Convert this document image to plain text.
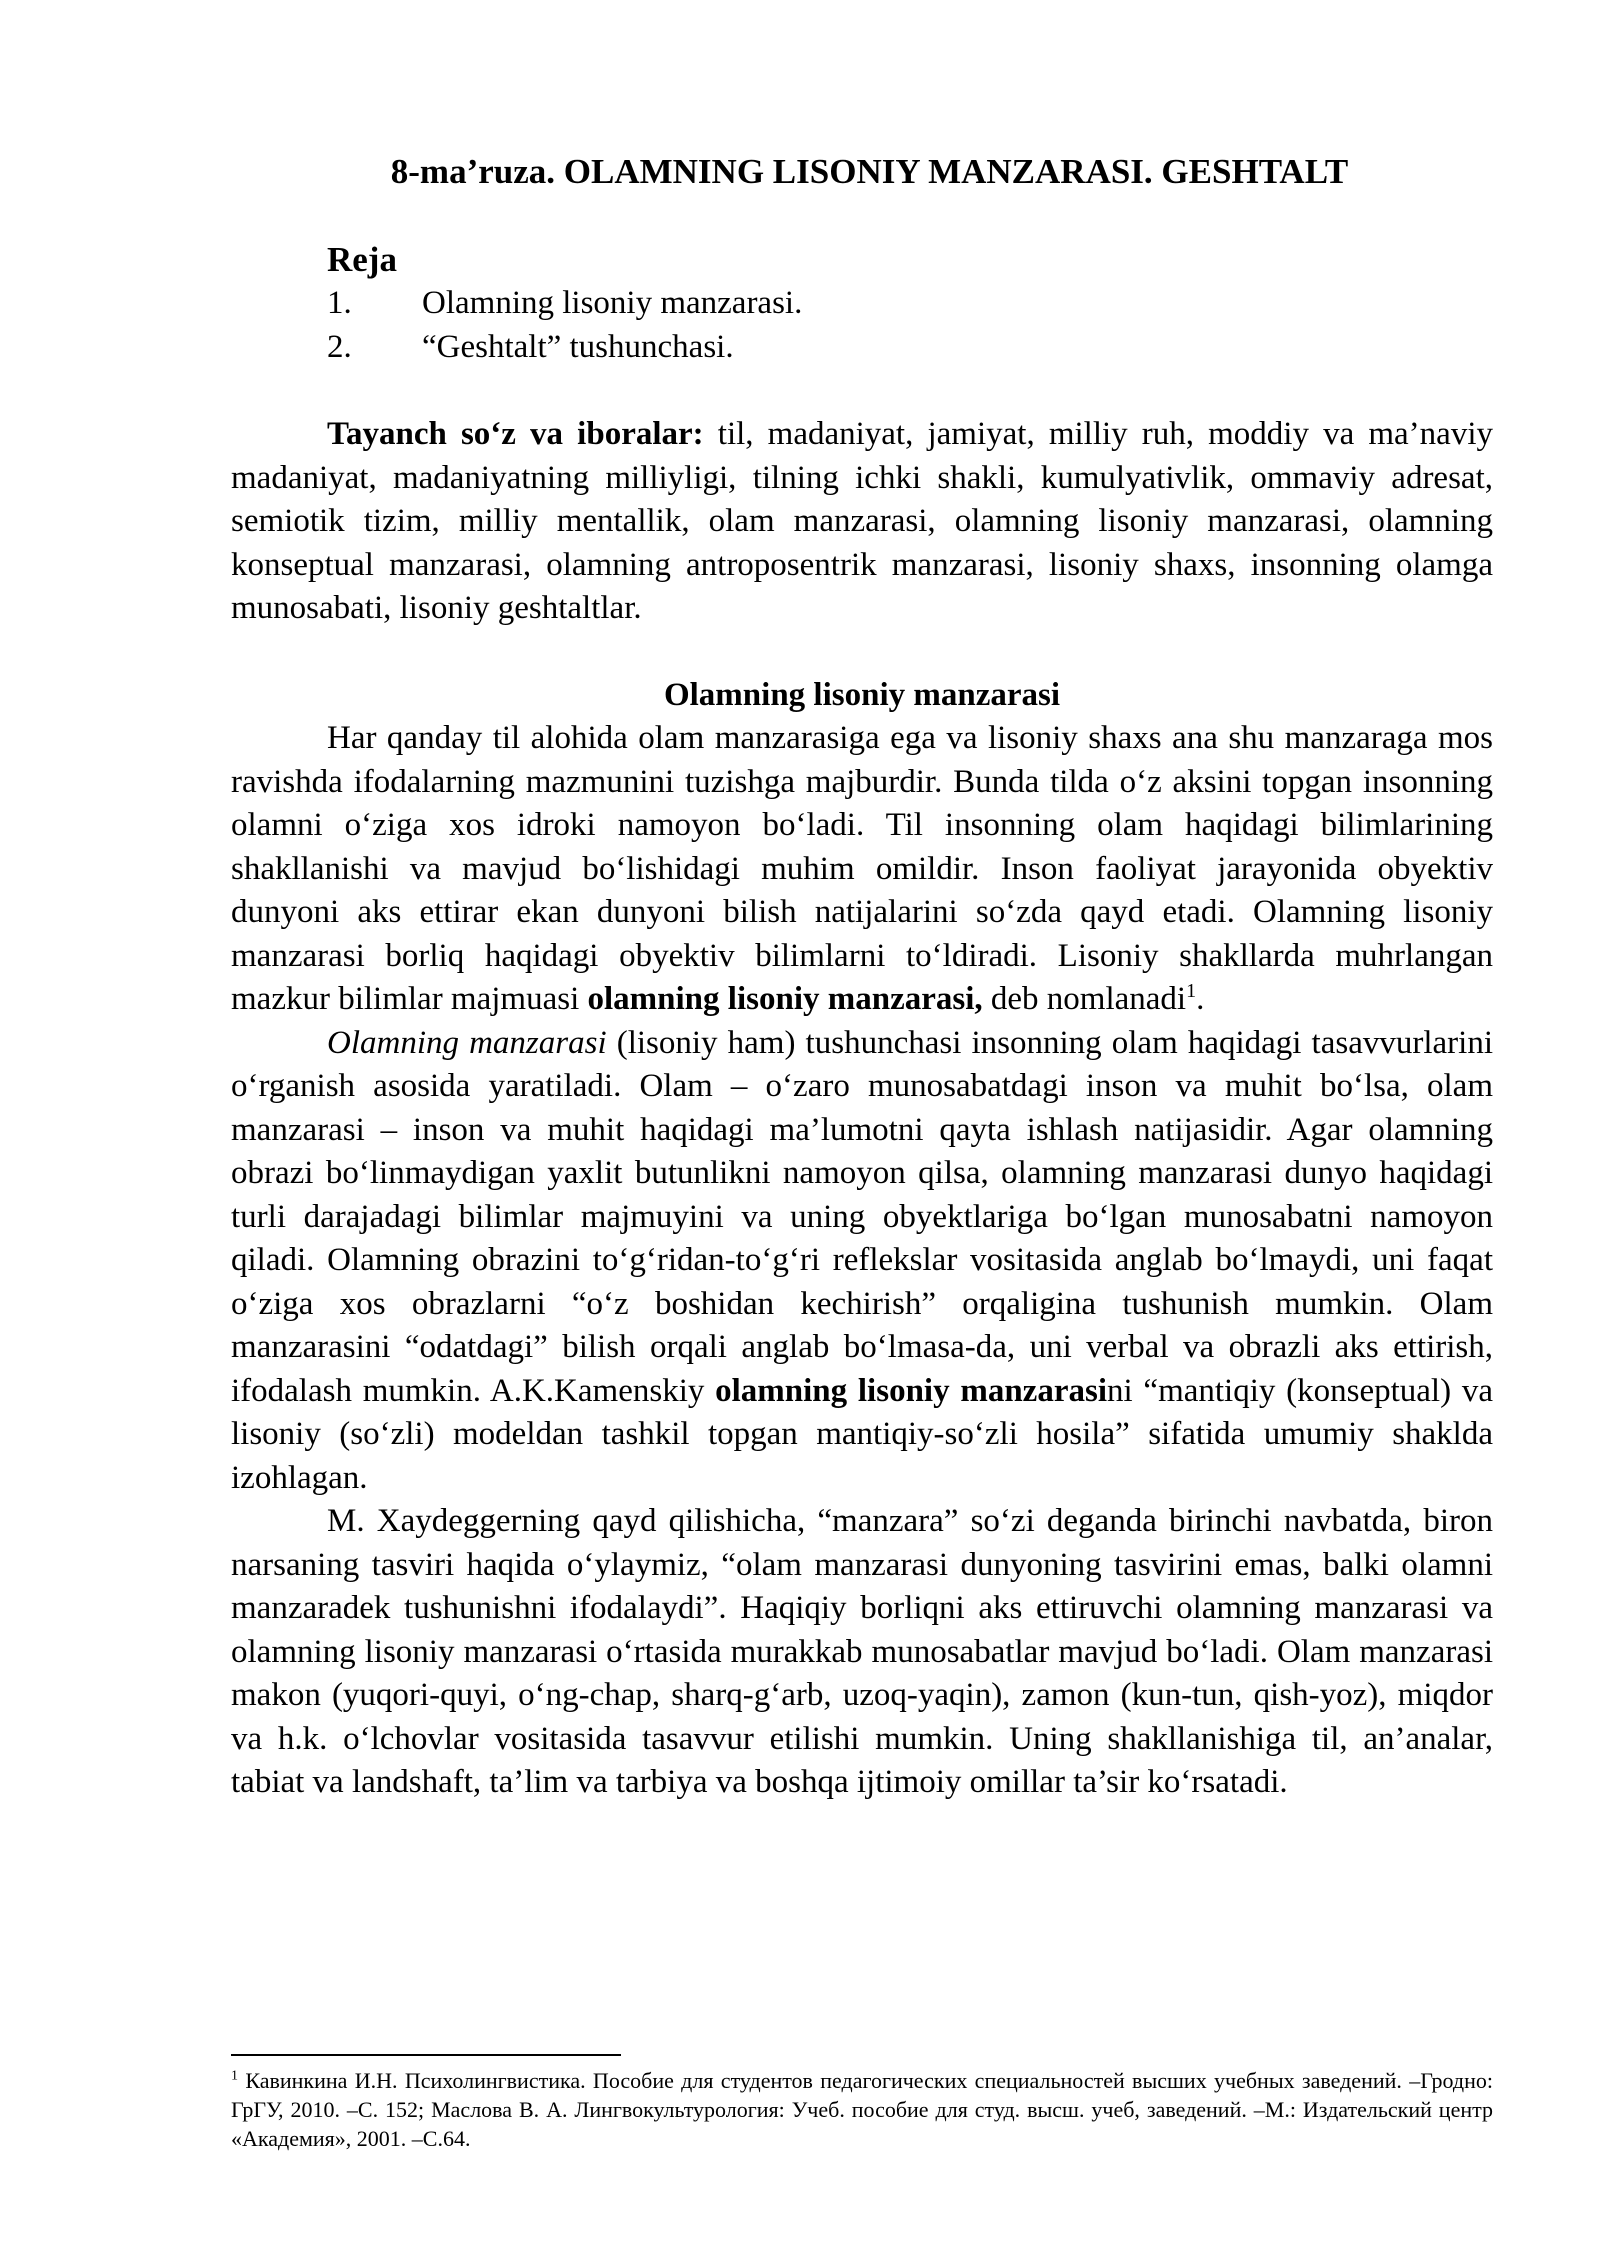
8-ma’ruza. OLAMNING LISONIY MANZARASI. GESHTALT
Reja
1.	Olamning lisoniy manzarasi.
2.	“Geshtalt” tushunchasi.

Tayanch so‘z va iboralar: til, madaniyat, jamiyat, milliy ruh, moddiy va ma’naviy madaniyat, madaniyatning milliyligi, tilning ichki shakli, kumulyativlik, ommaviy adresat, semiotik tizim, milliy mentallik, olam manzarasi, olamning lisoniy manzarasi, olamning konseptual manzarasi, olamning antroposentrik manzarasi, lisoniy shaxs, insonning olamga munosabati, lisoniy geshtaltlar.

Olamning lisoniy manzarasi

Har qanday til alohida olam manzarasiga ega va lisoniy shaxs ana shu manzaraga mos ravishda ifodalarning mazmunini tuzishga majburdir. Bunda tilda o‘z aksini topgan insonning olamni o‘ziga xos idroki namoyon bo‘ladi. Til insonning olam haqidagi bilimlarining shakllanishi va mavjud bo‘lishidagi muhim omildir. Inson faoliyat jarayonida obyektiv dunyoni aks ettirar ekan dunyoni bilish natijalarini so‘zda qayd etadi. Olamning lisoniy manzarasi borliq haqidagi obyektiv bilimlarni to‘ldiradi. Lisoniy shakllarda muhrlangan mazkur bilimlar majmuasi olamning lisoniy manzarasi, deb nomlanadi$^1$.

Olamning manzarasi (lisoniy ham) tushunchasi insonning olam haqidagi tasavvurlarini o‘rganish asosida yaratiladi. Olam – o‘zaro munosabatdagi inson va muhit bo‘lsa, olam manzarasi – inson va muhit haqidagi ma’lumotni qayta ishlash natijasidir. Agar olamning obrazi bo‘linmaydigan yaxlit butunlikni namoyon qilsa, olamning manzarasi dunyo haqidagi turli darajadagi bilimlar majmuyini va uning obyektlariga bo‘lgan munosabatni namoyon qiladi. Olamning obrazini to‘g‘ridan-to‘g‘ri reflekslar vositasida anglab bo‘lmaydi, uni faqat o‘ziga xos obrazlarni “o‘z boshidan kechirish” orqaligina tushunish mumkin. Olam manzarasini “odatdagi” bilish orqali anglab bo‘lmasa-da, uni verbal va obrazli aks ettirish, ifodalash mumkin. A.K.Kamenskiy olamning lisoniy manzarasini “mantiqiy (konseptual) va lisoniy (so‘zli) modeldan tashkil topgan mantiqiy-so‘zli hosila” sifatida umumiy shaklda izohlagan.

M. Xaydeggerning qayd qilishicha, “manzara” so‘zi deganda birinchi navbatda, biron narsaning tasviri haqida o‘ylaymiz, “olam manzarasi dunyoning tasvirini emas, balki olamni manzaradek tushunishni ifodalaydi”. Haqiqiy borliqni aks ettiruvchi olamning manzarasi va olamning lisoniy manzarasi o‘rtasida murakkab munosabatlar mavjud bo‘ladi. Olam manzarasi makon (yuqori-quyi, o‘ng-chap, sharq-g‘arb, uzoq-yaqin), zamon (kun-tun, qish-yoz), miqdor va h.k. o‘lchovlar vositasida tasavvur etilishi mumkin. Uning shakllanishiga til, an’analar, tabiat va landshaft, ta’lim va tarbiya va boshqa ijtimoiy omillar ta’sir ko‘rsatadi.

$^1$ Кавинкина И.Н. Психолингвистика. Пособие для студентов педагогических специальностей высших учебных заведений. –Гродно: ГрГУ, 2010. –С. 152; Маслова В. А. Лингвокультурология: Учеб. пособие для студ. высш. учеб, заведений. –М.: Издательский центр «Академия», 2001. –С.64.
